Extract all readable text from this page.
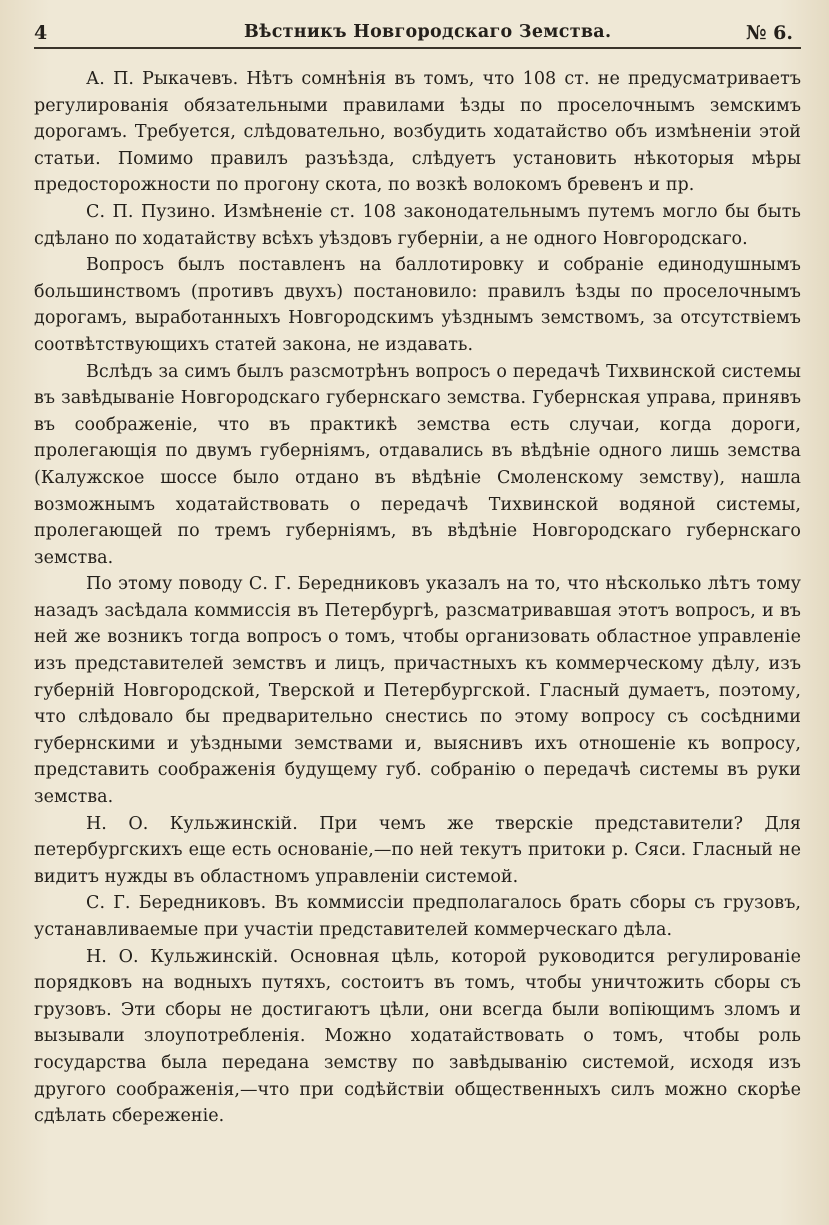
4	Вѣстникъ Новгородскаго Земства.	№ 6.

А. П. Рыкачевъ. Нѣтъ сомнѣнія въ томъ, что 108 ст. не предусматриваетъ регулированія обязательными правилами ѣзды по проселочнымъ земскимъ дорогамъ. Требуется, слѣдовательно, возбудить ходатайство объ измѣненіи этой статьи. Помимо правилъ разъѣзда, слѣдуетъ установить нѣкоторыя мѣры предосторожности по прогону скота, по возкѣ волокомъ бревенъ и пр.

С. П. Пузино. Измѣненіе ст. 108 законодательнымъ путемъ могло бы быть сдѣлано по ходатайству всѣхъ уѣздовъ губерніи, а не одного Новгородскаго.

Вопросъ былъ поставленъ на баллотировку и собраніе единодушнымъ большинствомъ (противъ двухъ) постановило: правилъ ѣзды по проселочнымъ дорогамъ, выработанныхъ Новгородскимъ уѣзднымъ земствомъ, за отсутствіемъ соотвѣтствующихъ статей закона, не издавать.

Вслѣдъ за симъ былъ разсмотрѣнъ вопросъ о передачѣ Тихвинской системы въ завѣдываніе Новгородскаго губернскаго земства. Губернская управа, принявъ въ соображеніе, что въ практикѣ земства есть случаи, когда дороги, пролегающія по двумъ губерніямъ, отдавались въ вѣдѣніе одного лишь земства (Калужское шоссе было отдано въ вѣдѣніе Смоленскому земству), нашла возможнымъ ходатайствовать о передачѣ Тихвинской водяной системы, пролегающей по тремъ губерніямъ, въ вѣдѣніе Новгородскаго губернскаго земства.

По этому поводу С. Г. Бередниковъ указалъ на то, что нѣсколько лѣтъ тому назадъ засѣдала коммиссія въ Петербургѣ, разсматривавшая этотъ вопросъ, и въ ней же возникъ тогда вопросъ о томъ, чтобы организовать областное управленіе изъ представителей земствъ и лицъ, причастныхъ къ коммерческому дѣлу, изъ губерній Новгородской, Тверской и Петербургской. Гласный думаетъ, поэтому, что слѣдовало бы предварительно снестись по этому вопросу съ сосѣдними губернскими и уѣздными земствами и, выяснивъ ихъ отношеніе къ вопросу, представить соображенія будущему губ. собранію о передачѣ системы въ руки земства.

Н. О. Кульжинскій. При чемъ же тверскіе представители? Для петербургскихъ еще есть основаніе,—по ней текутъ притоки р. Сяси. Гласный не видитъ нужды въ областномъ управленіи системой.

С. Г. Бередниковъ. Въ коммиссіи предполагалось брать сборы съ грузовъ, устанавливаемые при участіи представителей коммерческаго дѣла.

Н. О. Кульжинскій. Основная цѣль, которой руководится регулированіе порядковъ на водныхъ путяхъ, состоитъ въ томъ, чтобы уничтожить сборы съ грузовъ. Эти сборы не достигаютъ цѣли, они всегда были вопіющимъ зломъ и вызывали злоупотребленія. Можно ходатайствовать о томъ, чтобы роль государства была передана земству по завѣдыванію системой, исходя изъ другого соображенія,—что при содѣйствіи общественныхъ силъ можно скорѣе сдѣлать сбереженіе.
